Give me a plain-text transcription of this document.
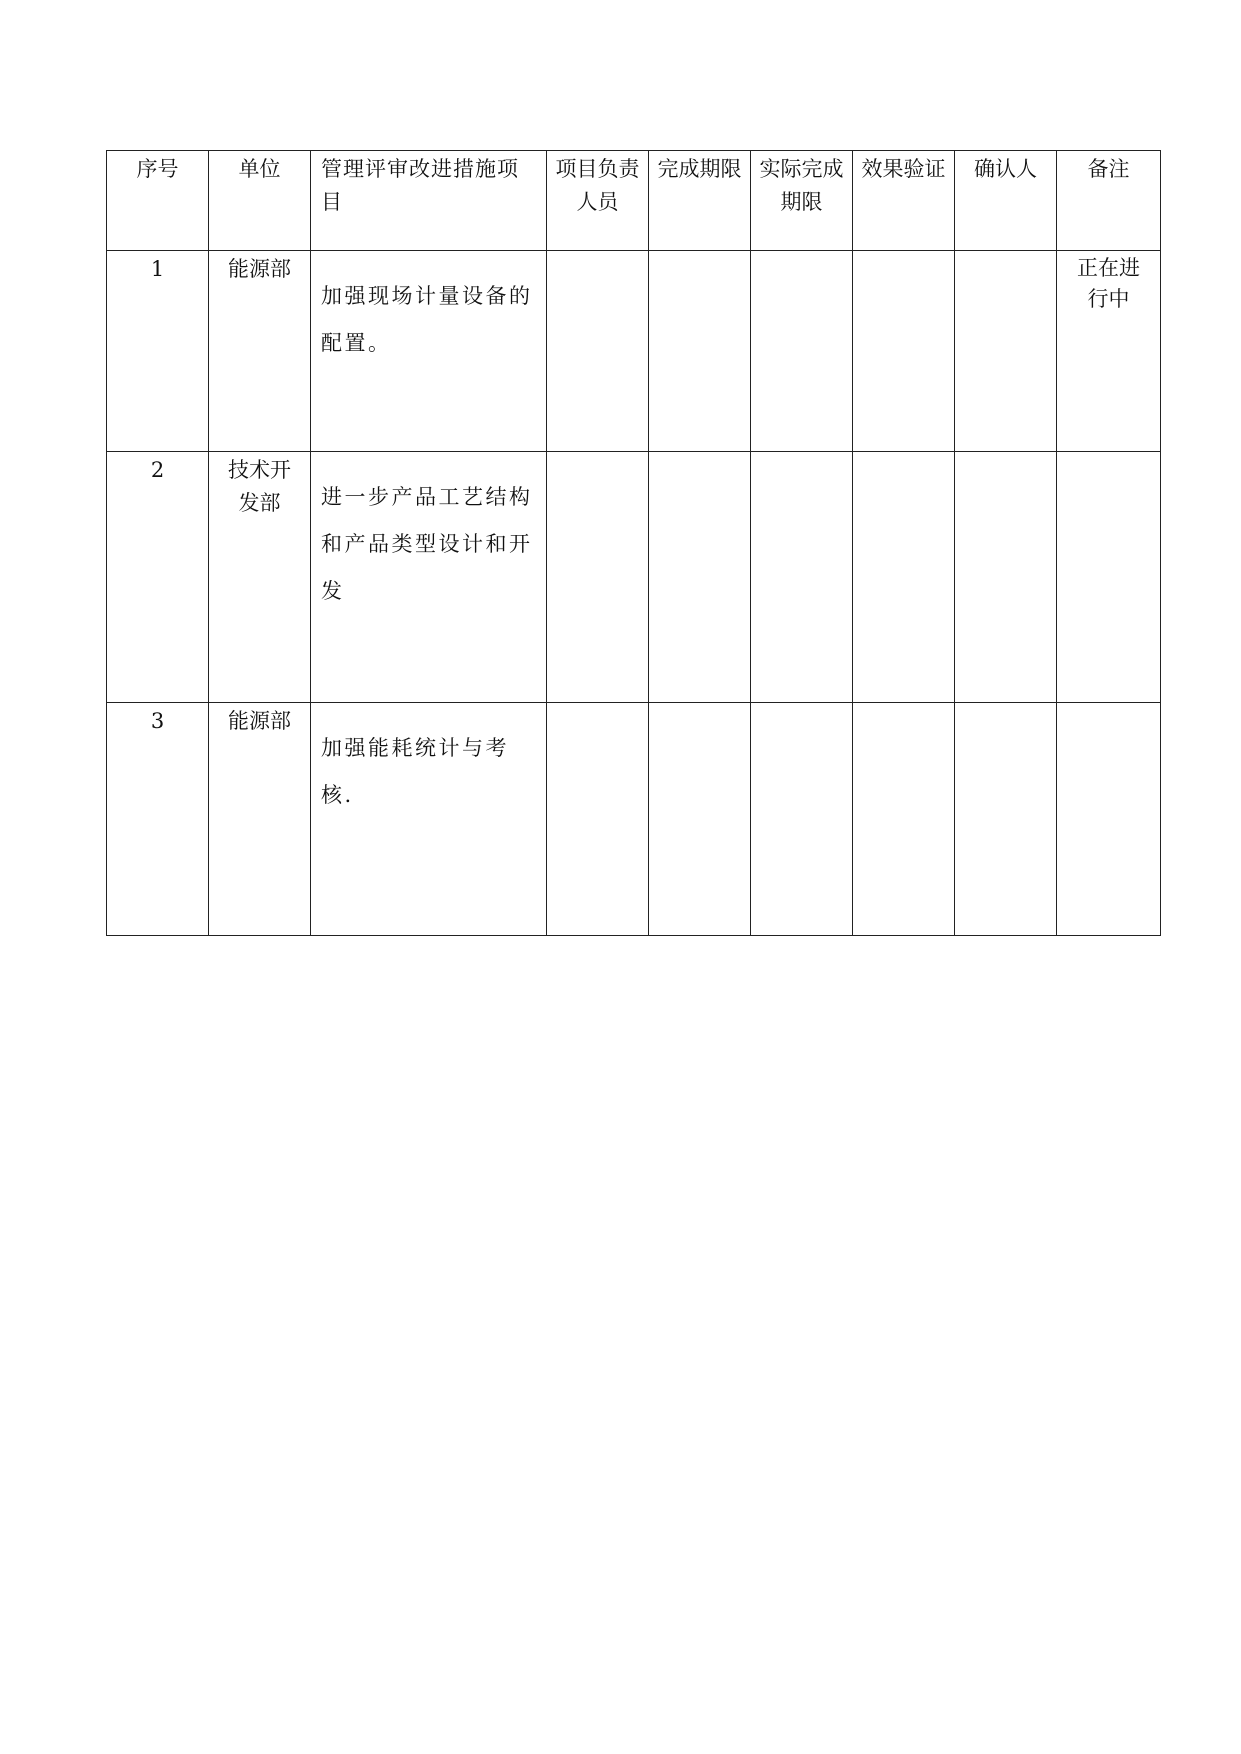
序号	单位	管理评审改进措施项目	项目负责人员	完成期限	实际完成期限	效果验证	确认人	备注
1	能源部	加强现场计量设备的配置。						正在进行中
2	技术开发部	进一步产品工艺结构和产品类型设计和开发						
3	能源部	加强能耗统计与考核.						
